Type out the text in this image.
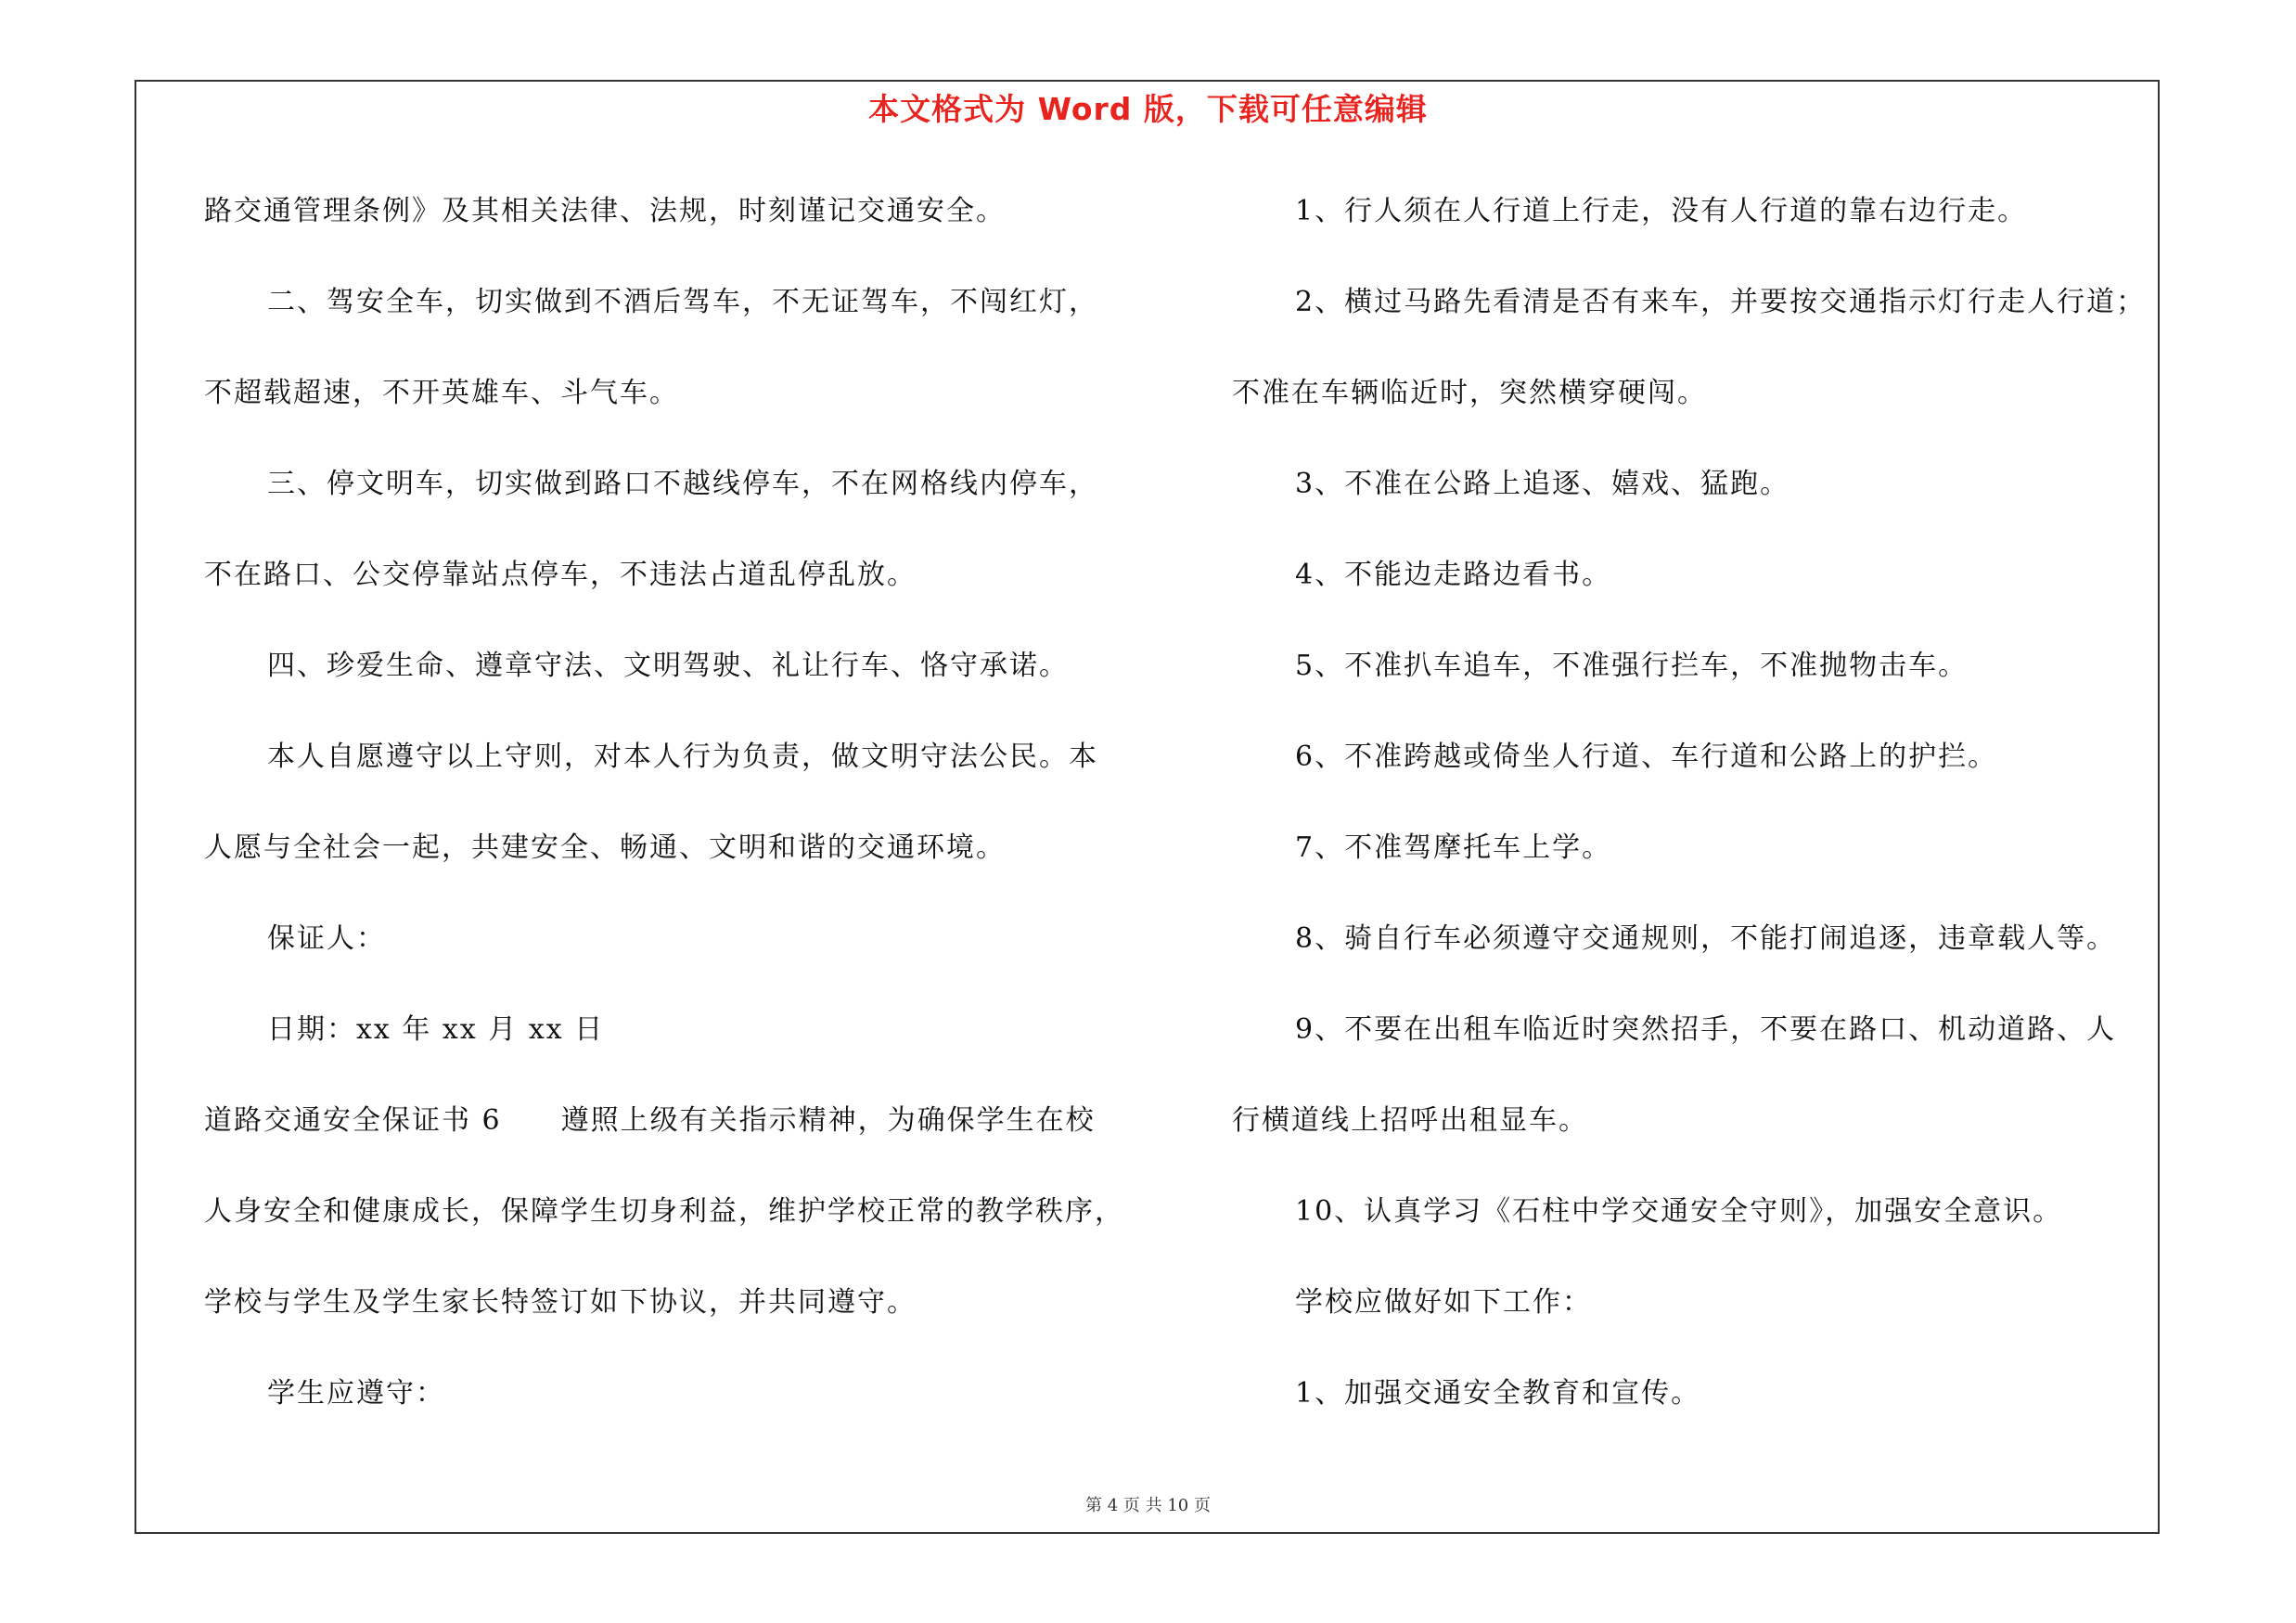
本文格式为 Word 版，下载可任意编辑
路交通管理条例》及其相关法律、法规，时刻谨记交通安全。
二、驾安全车，切实做到不酒后驾车，不无证驾车，不闯红灯，
不超载超速，不开英雄车、斗气车。
三、停文明车，切实做到路口不越线停车，不在网格线内停车，
不在路口、公交停靠站点停车，不违法占道乱停乱放。
四、珍爱生命、遵章守法、文明驾驶、礼让行车、恪守承诺。
本人自愿遵守以上守则，对本人行为负责，做文明守法公民。本
人愿与全社会一起，共建安全、畅通、文明和谐的交通环境。
保证人：
日期：xx 年 xx 月 xx 日
道路交通安全保证书 6 遵照上级有关指示精神，为确保学生在校
人身安全和健康成长，保障学生切身利益，维护学校正常的教学秩序，
学校与学生及学生家长特签订如下协议，并共同遵守。
学生应遵守：
1、行人须在人行道上行走，没有人行道的靠右边行走。
2、横过马路先看清是否有来车，并要按交通指示灯行走人行道；
不准在车辆临近时，突然横穿硬闯。
3、不准在公路上追逐、嬉戏、猛跑。
4、不能边走路边看书。
5、不准扒车追车，不准强行拦车，不准抛物击车。
6、不准跨越或倚坐人行道、车行道和公路上的护拦。
7、不准驾摩托车上学。
8、骑自行车必须遵守交通规则，不能打闹追逐，违章载人等。
9、不要在出租车临近时突然招手，不要在路口、机动道路、人
行横道线上招呼出租显车。
10、认真学习《石柱中学交通安全守则》，加强安全意识。
学校应做好如下工作：
1、加强交通安全教育和宣传。
第 4 页 共 10 页
